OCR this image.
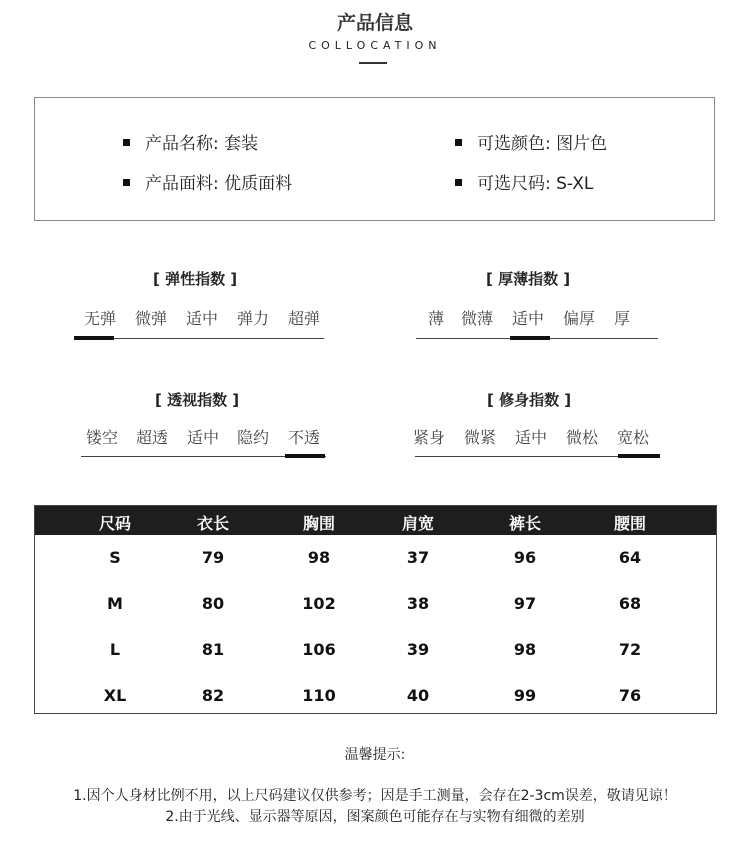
产品信息
COLLOCATION
产品名称: 套装
产品面料: 优质面料
可选颜色: 图片色
可选尺码: S-XL
[ 弹性指数 ]
无弹 微弹 适中 弹力 超弹
[ 厚薄指数 ]
薄 微薄 适中 偏厚 厚
[ 透视指数 ]
镂空 超透 适中 隐约 不透
[ 修身指数 ]
紧身 微紧 适中 微松 宽松
尺码	衣长	胸围	肩宽	裤长	腰围
S	79	98	37	96	64
M	80	102	38	97	68
L	81	106	39	98	72
XL	82	110	40	99	76
温馨提示:
1.因个人身材比例不用，以上尺码建议仅供参考；因是手工测量，会存在2-3cm误差，敬请见谅！
2.由于光线、显示器等原因，图案颜色可能存在与实物有细微的差别
